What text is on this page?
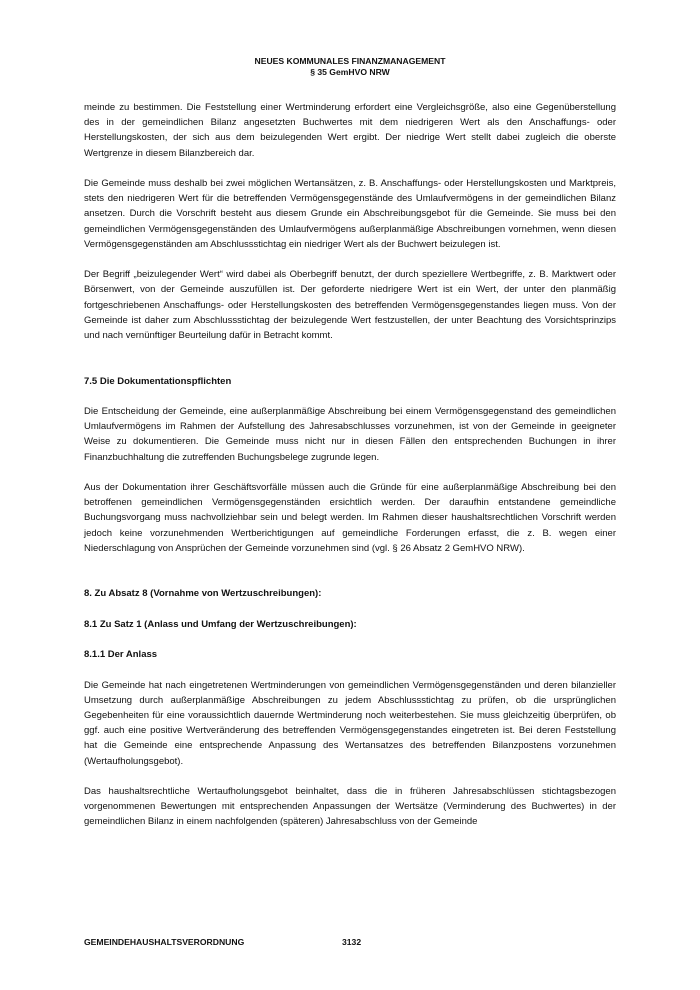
NEUES KOMMUNALES FINANZMANAGEMENT
§ 35 GemHVO NRW

meinde zu bestimmen. Die Feststellung einer Wertminderung erfordert eine Vergleichsgröße, also eine Gegenüberstellung des in der gemeindlichen Bilanz angesetzten Buchwertes mit dem niedrigeren Wert als den Anschaffungs- oder Herstellungskosten, der sich aus dem beizulegenden Wert ergibt. Der niedrige Wert stellt dabei zugleich die oberste Wertgrenze in diesem Bilanzbereich dar.

Die Gemeinde muss deshalb bei zwei möglichen Wertansätzen, z. B. Anschaffungs- oder Herstellungskosten und Marktpreis, stets den niedrigeren Wert für die betreffenden Vermögensgegenstände des Umlaufvermögens in der gemeindlichen Bilanz ansetzen. Durch die Vorschrift besteht aus diesem Grunde ein Abschreibungsgebot für die Gemeinde. Sie muss bei den gemeindlichen Vermögensgegenständen des Umlaufvermögens außerplanmäßige Abschreibungen vornehmen, wenn diesen Vermögensgegenständen am Abschlussstichtag ein niedriger Wert als der Buchwert beizulegen ist.

Der Begriff „beizulegender Wert“ wird dabei als Oberbegriff benutzt, der durch speziellere Wertbegriffe, z. B. Marktwert oder Börsenwert, von der Gemeinde auszufüllen ist. Der geforderte niedrigere Wert ist ein Wert, der unter den planmäßig fortgeschriebenen Anschaffungs- oder Herstellungskosten des betreffenden Vermögensgegenstandes liegen muss. Von der Gemeinde ist daher zum Abschlussstichtag der beizulegende Wert festzustellen, der unter Beachtung des Vorsichtsprinzips und nach vernünftiger Beurteilung dafür in Betracht kommt.

7.5 Die Dokumentationspflichten

Die Entscheidung der Gemeinde, eine außerplanmäßige Abschreibung bei einem Vermögensgegenstand des gemeindlichen Umlaufvermögens im Rahmen der Aufstellung des Jahresabschlusses vorzunehmen, ist von der Gemeinde in geeigneter Weise zu dokumentieren. Die Gemeinde muss nicht nur in diesen Fällen den entsprechenden Buchungen in ihrer Finanzbuchhaltung die zutreffenden Buchungsbelege zugrunde legen.

Aus der Dokumentation ihrer Geschäftsvorfälle müssen auch die Gründe für eine außerplanmäßige Abschreibung bei den betroffenen gemeindlichen Vermögensgegenständen ersichtlich werden. Der daraufhin entstandene gemeindliche Buchungsvorgang muss nachvollziehbar sein und belegt werden. Im Rahmen dieser haushaltsrechtlichen Vorschrift werden jedoch keine vorzunehmenden Wertberichtigungen auf gemeindliche Forderungen erfasst, die z. B. wegen einer Niederschlagung von Ansprüchen der Gemeinde vorzunehmen sind (vgl. § 26 Absatz 2 GemHVO NRW).

8. Zu Absatz 8 (Vornahme von Wertzuschreibungen):

8.1 Zu Satz 1 (Anlass und Umfang der Wertzuschreibungen):

8.1.1 Der Anlass

Die Gemeinde hat nach eingetretenen Wertminderungen von gemeindlichen Vermögensgegenständen und deren bilanzieller Umsetzung durch außerplanmäßige Abschreibungen zu jedem Abschlussstichtag zu prüfen, ob die ursprünglichen Gegebenheiten für eine voraussichtlich dauernde Wertminderung noch weiterbestehen. Sie muss gleichzeitig überprüfen, ob ggf. auch eine positive Wertveränderung des betreffenden Vermögensgegenstandes eingetreten ist. Bei deren Feststellung hat die Gemeinde eine entsprechende Anpassung des Wertansatzes des betreffenden Bilanzpostens vorzunehmen (Wertaufholungsgebot).

Das haushaltsrechtliche Wertaufholungsgebot beinhaltet, dass die in früheren Jahresabschlüssen stichtagsbezogen vorgenommenen Bewertungen mit entsprechenden Anpassungen der Wertsätze (Verminderung des Buchwertes) in der gemeindlichen Bilanz in einem nachfolgenden (späteren) Jahresabschluss von der Gemeinde

GEMEINDEHAUSHALTSVERORDNUNG	3132
